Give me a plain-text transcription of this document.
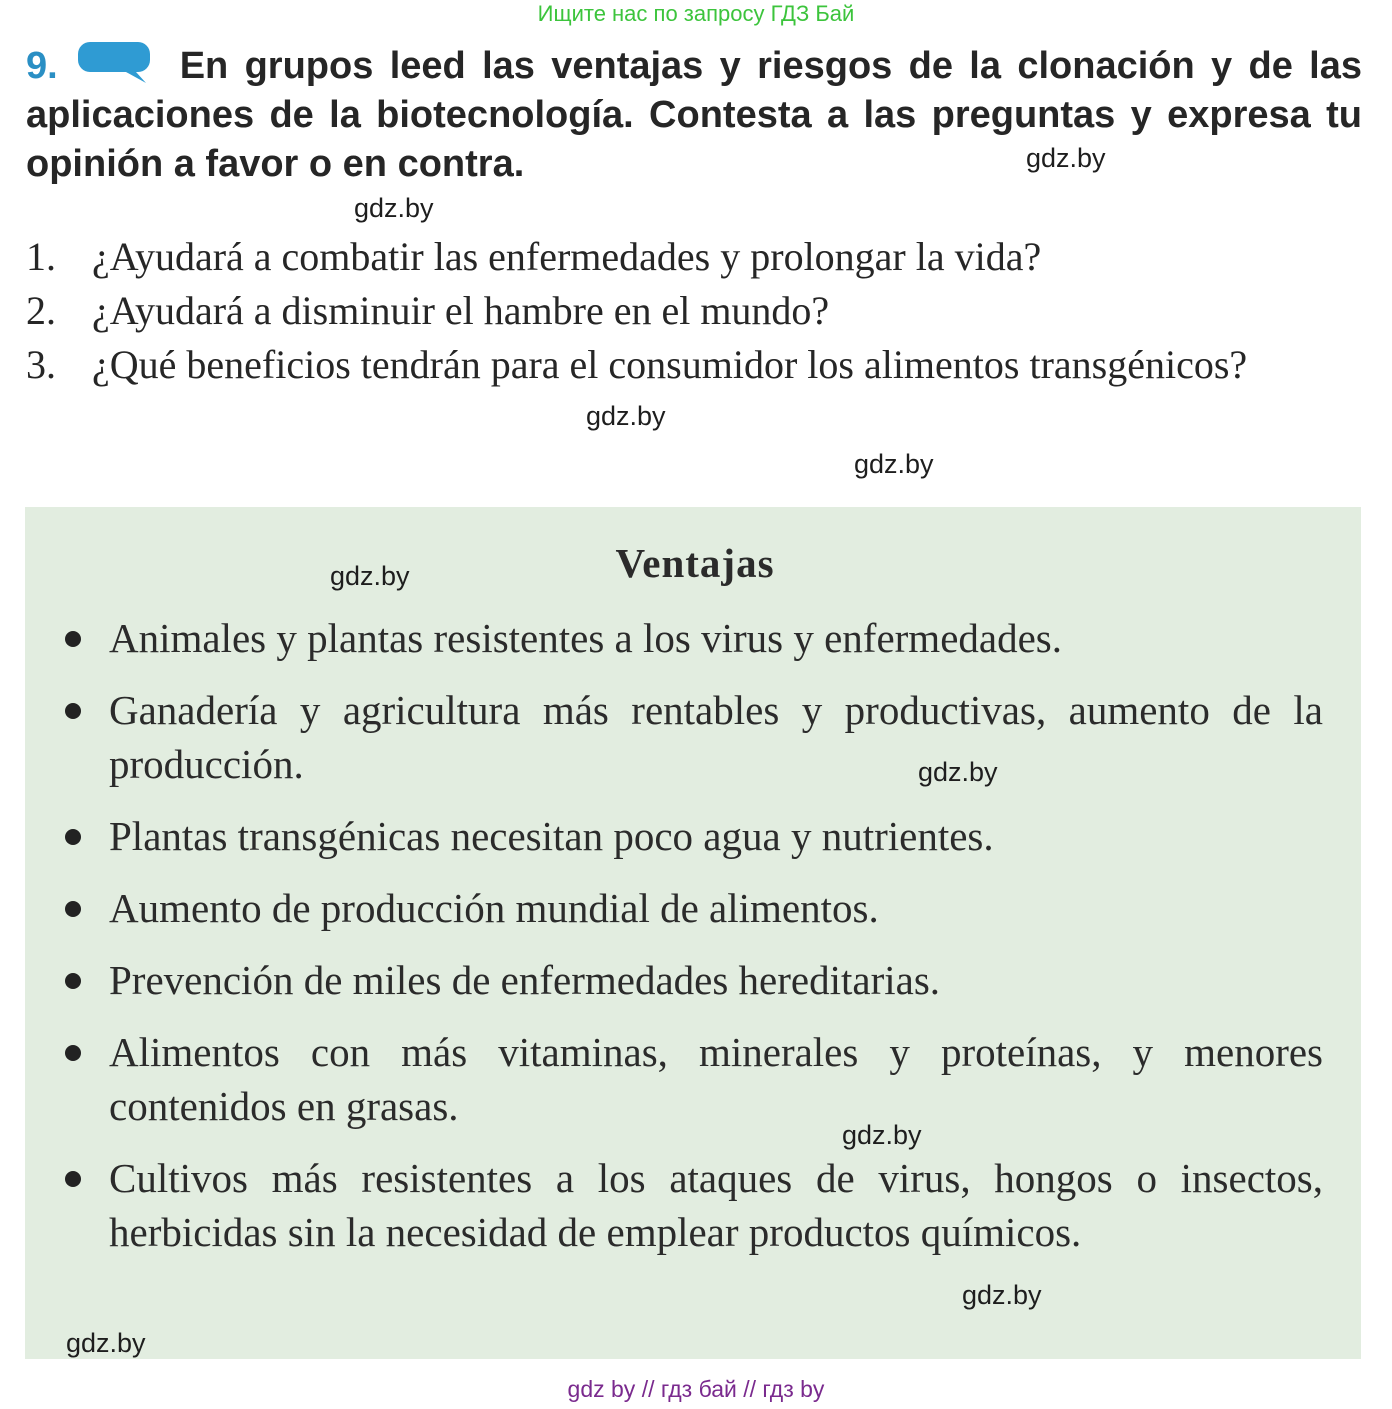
Ищите нас по запросу ГДЗ Бай
9.	En grupos leed las ventajas y riesgos de la clonación y de las aplicaciones de la biotecnología. Contesta a las preguntas y expresa tu opinión a favor o en contra.
1. ¿Ayudará a combatir las enfermedades y prolongar la vida?
2. ¿Ayudará a disminuir el hambre en el mundo?
3. ¿Qué beneficios tendrán para el consumidor los alimentos transgénicos?
Ventajas
Animales y plantas resistentes a los virus y enfermedades.
Ganadería y agricultura más rentables y productivas, aumento de la producción.
Plantas transgénicas necesitan poco agua y nutrientes.
Aumento de producción mundial de alimentos.
Prevención de miles de enfermedades hereditarias.
Alimentos con más vitaminas, minerales y proteínas, y menores contenidos en grasas.
Cultivos más resistentes a los ataques de virus, hongos o insectos, herbicidas sin la necesidad de emplear productos químicos.
gdz.by
gdz.by
gdz.by
gdz.by
gdz.by
gdz.by
gdz.by
gdz.by
gdz.by
gdz by // гдз бай // гдз by
